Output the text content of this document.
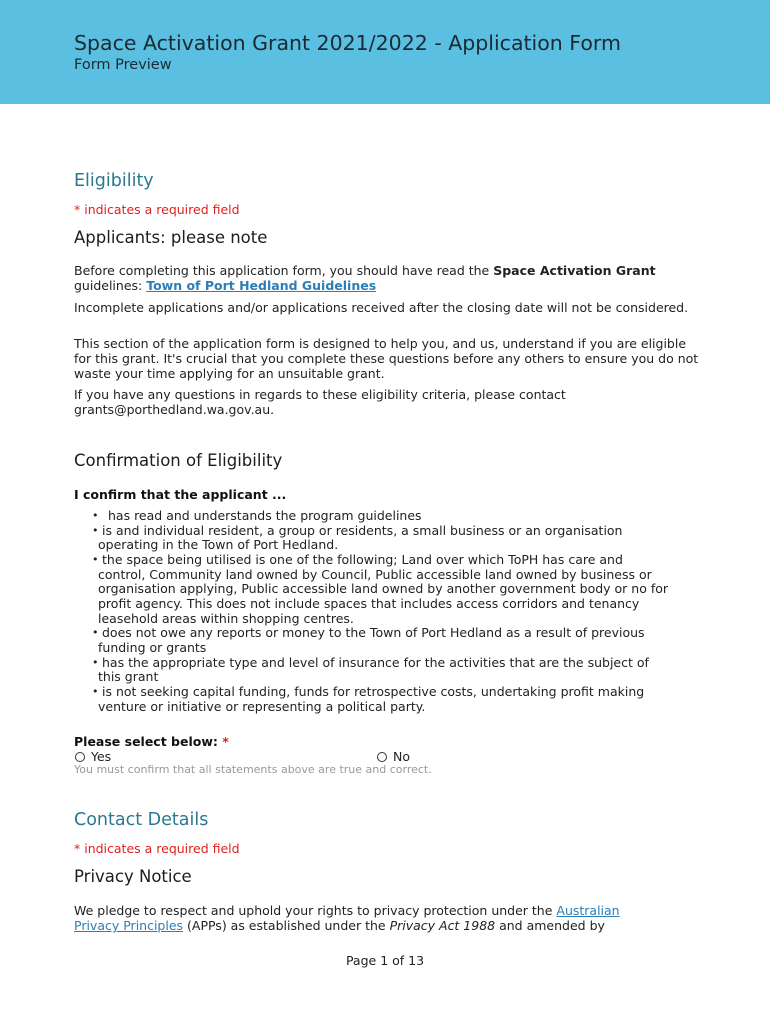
Space Activation Grant 2021/2022 - Application Form

Form Preview

Eligibility

* indicates a required field

Applicants: please note

Before completing this application form, you should have read the Space Activation Grant
guidelines: Town of Port Hedland Guidelines

Incomplete applications and/or applications received after the closing date will not be considered.

This section of the application form is designed to help you, and us, understand if you are eligible for this grant. It's crucial that you complete these questions before any others to ensure you do not waste your time applying for an unsuitable grant.

If you have any questions in regards to these eligibility criteria, please contact grants@porthedland.wa.gov.au.

Confirmation of Eligibility

I confirm that the applicant ...

• has read and understands the program guidelines
• is and individual resident, a group or residents, a small business or an organisation operating in the Town of Port Hedland.
• the space being utilised is one of the following; Land over which ToPH has care and control, Community land owned by Council, Public accessible land owned by business or organisation applying, Public accessible land owned by another government body or no for profit agency. This does not include spaces that includes access corridors and tenancy leasehold areas within shopping centres.
• does not owe any reports or money to the Town of Port Hedland as a result of previous funding or grants
• has the appropriate type and level of insurance for the activities that are the subject of this grant
• is not seeking capital funding, funds for retrospective costs, undertaking profit making venture or initiative or representing a political party.

Please select below: *

Yes	No

You must confirm that all statements above are true and correct.

Contact Details

* indicates a required field

Privacy Notice

We pledge to respect and uphold your rights to privacy protection under the Australian
Privacy Principles (APPs) as established under the Privacy Act 1988 and amended by

Page 1 of 13
